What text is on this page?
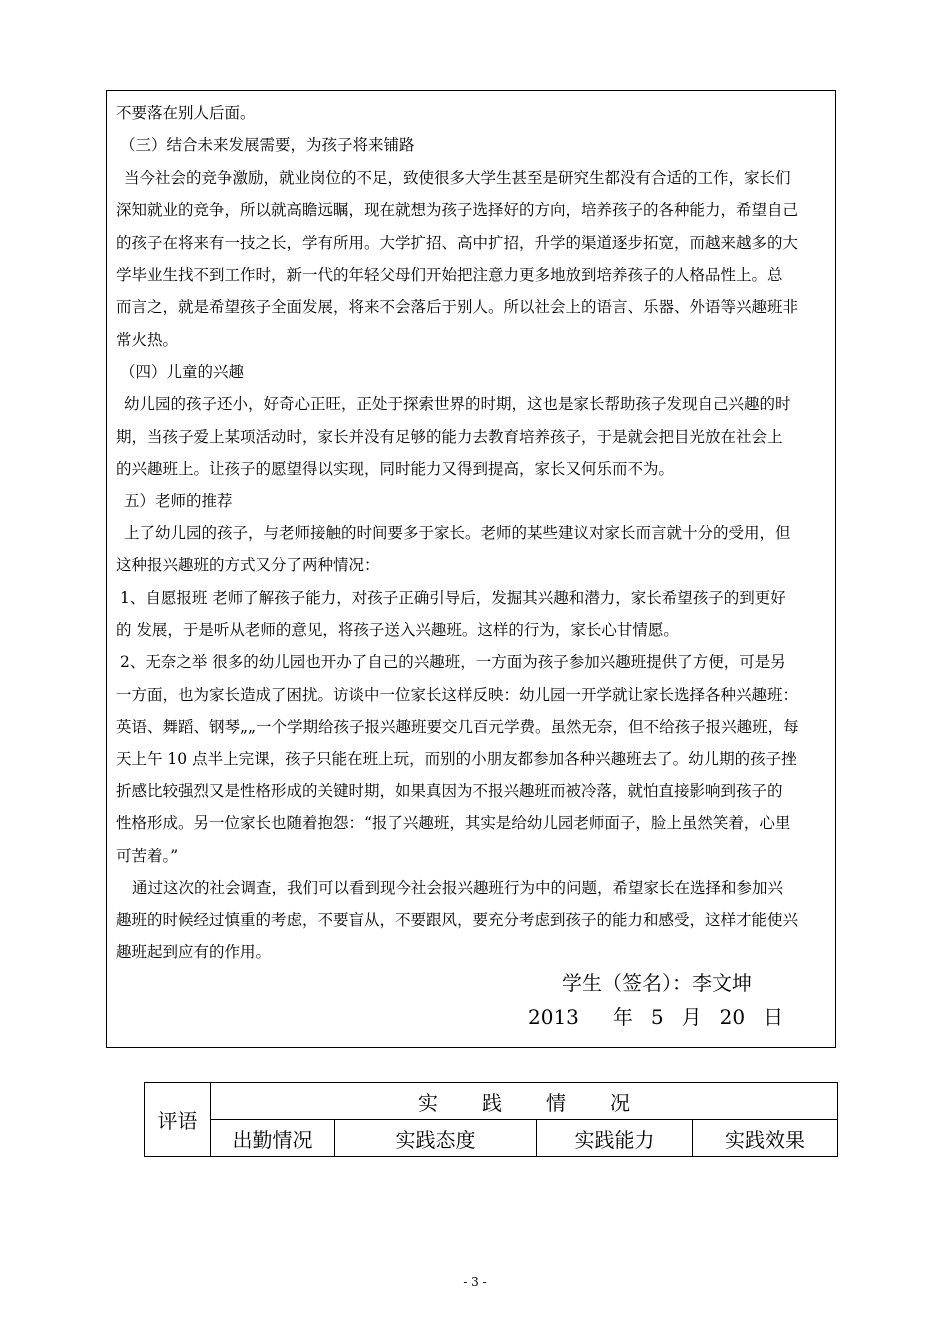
不要落在别人后面。
（三）结合未来发展需要，为孩子将来铺路
当今社会的竞争激励，就业岗位的不足，致使很多大学生甚至是研究生都没有合适的工作，家长们
深知就业的竞争，所以就高瞻远瞩，现在就想为孩子选择好的方向，培养孩子的各种能力，希望自己
的孩子在将来有一技之长，学有所用。大学扩招、高中扩招，升学的渠道逐步拓宽，而越来越多的大
学毕业生找不到工作时，新一代的年轻父母们开始把注意力更多地放到培养孩子的人格品性上。总
而言之，就是希望孩子全面发展，将来不会落后于别人。所以社会上的语言、乐器、外语等兴趣班非
常火热。
（四）儿童的兴趣
幼儿园的孩子还小，好奇心正旺，正处于探索世界的时期，这也是家长帮助孩子发现自己兴趣的时
期，当孩子爱上某项活动时，家长并没有足够的能力去教育培养孩子，于是就会把目光放在社会上
的兴趣班上。让孩子的愿望得以实现，同时能力又得到提高，家长又何乐而不为。
五）老师的推荐
上了幼儿园的孩子，与老师接触的时间要多于家长。老师的某些建议对家长而言就十分的受用，但
这种报兴趣班的方式又分了两种情况：
1、自愿报班 老师了解孩子能力，对孩子正确引导后，发掘其兴趣和潜力，家长希望孩子的到更好
的 发展，于是听从老师的意见，将孩子送入兴趣班。这样的行为，家长心甘情愿。
2、无奈之举 很多的幼儿园也开办了自己的兴趣班，一方面为孩子参加兴趣班提供了方便，可是另
一方面，也为家长造成了困扰。访谈中一位家长这样反映：幼儿园一开学就让家长选择各种兴趣班：
英语、舞蹈、钢琴„„一个学期给孩子报兴趣班要交几百元学费。虽然无奈，但不给孩子报兴趣班，每
天上午 10 点半上完课，孩子只能在班上玩，而别的小朋友都参加各种兴趣班去了。幼儿期的孩子挫
折感比较强烈又是性格形成的关键时期，如果真因为不报兴趣班而被冷落，就怕直接影响到孩子的
性格形成。另一位家长也随着抱怨：“报了兴趣班，其实是给幼儿园老师面子，脸上虽然笑着，心里
可苦着。”
通过这次的社会调查，我们可以看到现今社会报兴趣班行为中的问题，希望家长在选择和参加兴
趣班的时候经过慎重的考虑，不要盲从，不要跟风，要充分考虑到孩子的能力和感受，这样才能使兴
趣班起到应有的作用。
学生（签名）：李文坤
2013 年 5 月 20 日
评语	实 践 情 况			
	出勤情况	实践态度	实践能力	实践效果
- 3 -
